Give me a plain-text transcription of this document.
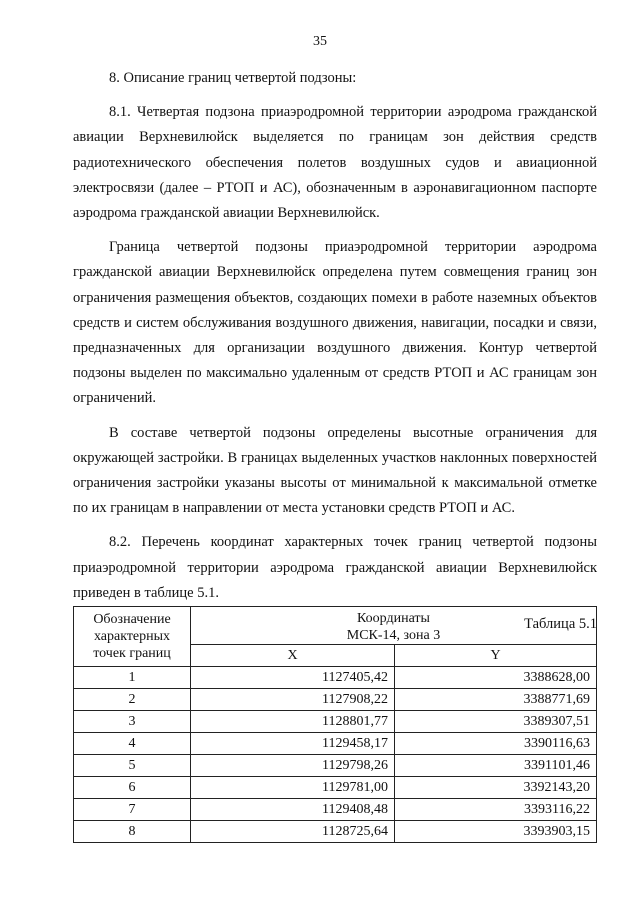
35

8. Описание границ четвертой подзоны:

8.1. Четвертая подзона приаэродромной территории аэродрома гражданской авиации Верхневилюйск выделяется по границам зон действия средств радиотехнического обеспечения полетов воздушных судов и авиационной электросвязи (далее – РТОП и АС), обозначенным в аэронавигационном паспорте аэродрома гражданской авиации Верхневилюйск.

Граница четвертой подзоны приаэродромной территории аэродрома гражданской авиации Верхневилюйск определена путем совмещения границ зон ограничения размещения объектов, создающих помехи в работе наземных объектов средств и систем обслуживания воздушного движения, навигации, посадки и связи, предназначенных для организации воздушного движения. Контур четвертой подзоны выделен по максимально удаленным от средств РТОП и АС границам зон ограничений.

В составе четвертой подзоны определены высотные ограничения для окружающей застройки. В границах выделенных участков наклонных поверхностей ограничения застройки указаны высоты от минимальной к максимальной отметке по их границам в направлении от места установки средств РТОП и АС.

8.2. Перечень координат характерных точек границ четвертой подзоны приаэродромной территории аэродрома гражданской авиации Верхневилюйск приведен в таблице 5.1.

Таблица 5.1
Обозначение характерных точек границ	Координаты
МСК-14, зона 3	
	X	Y
1	1127405,42	3388628,00
2	1127908,22	3388771,69
3	1128801,77	3389307,51
4	1129458,17	3390116,63
5	1129798,26	3391101,46
6	1129781,00	3392143,20
7	1129408,48	3393116,22
8	1128725,64	3393903,15
